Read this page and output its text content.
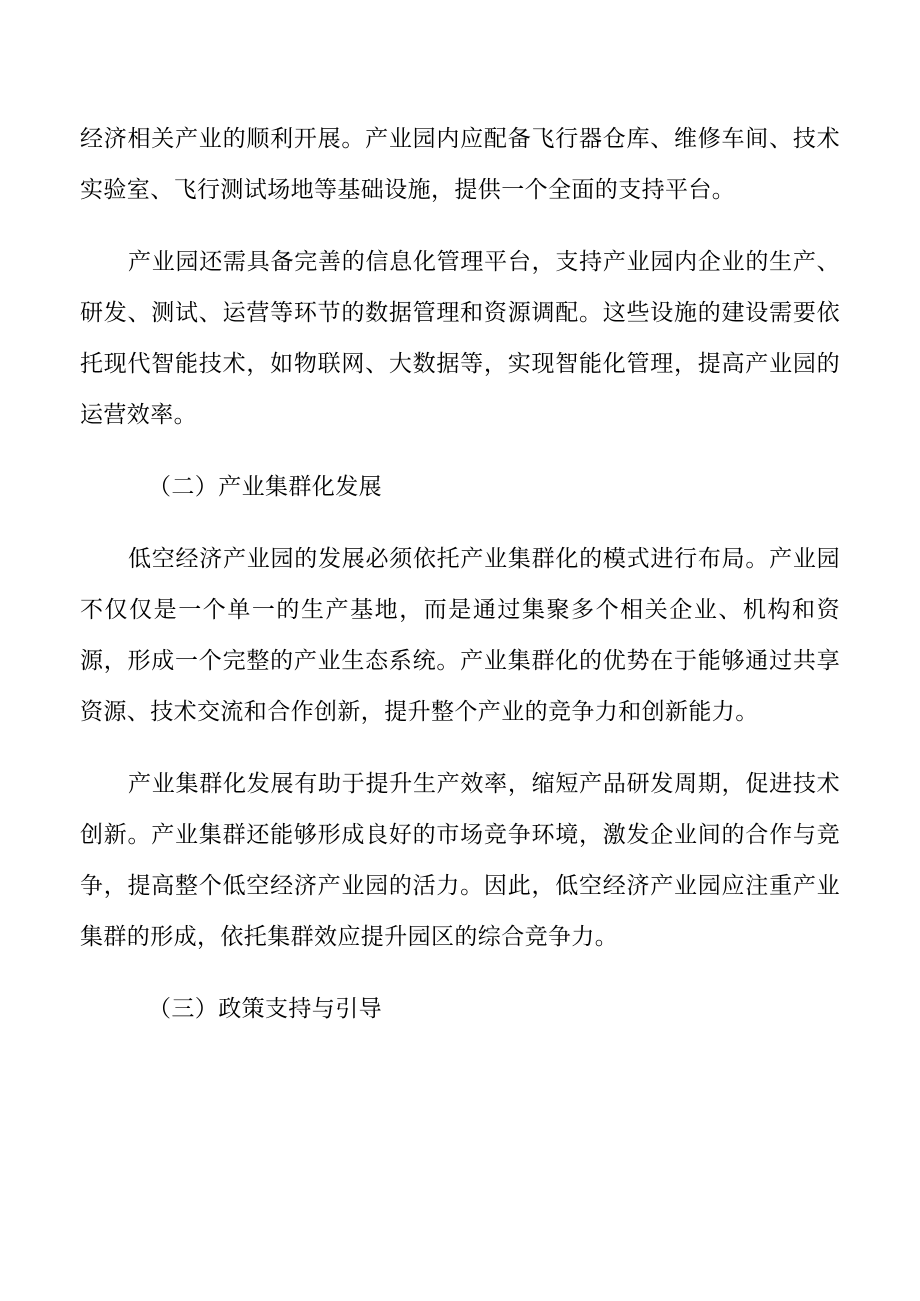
经济相关产业的顺利开展。产业园内应配备飞行器仓库、维修车间、技术实验室、飞行测试场地等基础设施，提供一个全面的支持平台。

产业园还需具备完善的信息化管理平台，支持产业园内企业的生产、研发、测试、运营等环节的数据管理和资源调配。这些设施的建设需要依托现代智能技术，如物联网、大数据等，实现智能化管理，提高产业园的运营效率。

（二）产业集群化发展

低空经济产业园的发展必须依托产业集群化的模式进行布局。产业园不仅仅是一个单一的生产基地，而是通过集聚多个相关企业、机构和资源，形成一个完整的产业生态系统。产业集群化的优势在于能够通过共享资源、技术交流和合作创新，提升整个产业的竞争力和创新能力。

产业集群化发展有助于提升生产效率，缩短产品研发周期，促进技术创新。产业集群还能够形成良好的市场竞争环境，激发企业间的合作与竞争，提高整个低空经济产业园的活力。因此，低空经济产业园应注重产业集群的形成，依托集群效应提升园区的综合竞争力。

（三）政策支持与引导
